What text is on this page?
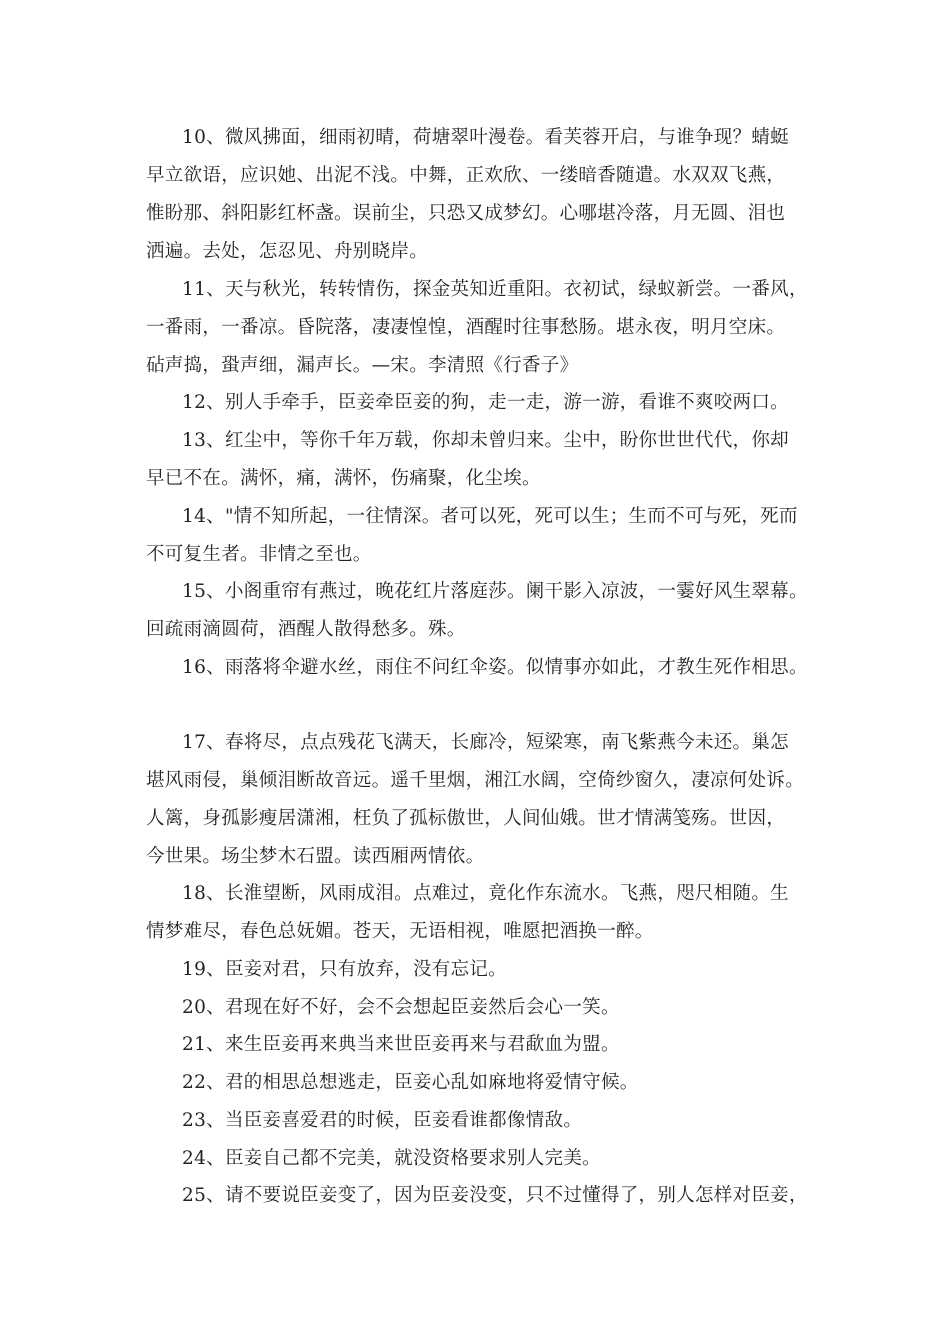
10、微风拂面，细雨初晴，荷塘翠叶漫卷。看芙蓉开启，与谁争现？蜻蜓
早立欲语，应识她、出泥不浅。中舞，正欢欣、一缕暗香随遣。水双双飞燕，
惟盼那、斜阳影红杯盏。误前尘，只恐又成梦幻。心哪堪冷落，月无圆、泪也
洒遍。去处，怎忍见、舟别晓岸。
11、天与秋光，转转情伤，探金英知近重阳。衣初试，绿蚁新尝。一番风，
一番雨，一番凉。昏院落，凄凄惶惶，酒醒时往事愁肠。堪永夜，明月空床。
砧声捣，蛩声细，漏声长。—宋。李清照《行香子》
12、别人手牵手，臣妾牵臣妾的狗，走一走，游一游，看谁不爽咬两口。
13、红尘中，等你千年万载，你却未曾归来。尘中，盼你世世代代，你却
早已不在。满怀，痛，满怀，伤痛聚，化尘埃。
14、"情不知所起，一往情深。者可以死，死可以生；生而不可与死，死而
不可复生者。非情之至也。
15、小阁重帘有燕过，晚花红片落庭莎。阑干影入凉波，一霎好风生翠幕。
回疏雨滴圆荷，酒醒人散得愁多。殊。
16、雨落将伞避水丝，雨住不问红伞姿。似情事亦如此，才教生死作相思。
17、春将尽，点点残花飞满天，长廊冷，短梁寒，南飞紫燕今未还。巢怎
堪风雨侵，巢倾泪断故音远。遥千里烟，湘江水阔，空倚纱窗久，凄凉何处诉。
人篱，身孤影瘦居潇湘，枉负了孤标傲世，人间仙娥。世才情满笺殇。世因，
今世果。场尘梦木石盟。读西厢两情依。
18、长淮望断，风雨成泪。点难过，竟化作东流水。飞燕，咫尺相随。生
情梦难尽，春色总妩媚。苍天，无语相视，唯愿把酒换一醉。
19、臣妾对君，只有放弃，没有忘记。
20、君现在好不好，会不会想起臣妾然后会心一笑。
21、来生臣妾再来典当来世臣妾再来与君歃血为盟。
22、君的相思总想逃走，臣妾心乱如麻地将爱情守候。
23、当臣妾喜爱君的时候，臣妾看谁都像情敌。
24、臣妾自己都不完美，就没资格要求别人完美。
25、请不要说臣妾变了，因为臣妾没变，只不过懂得了，别人怎样对臣妾，
